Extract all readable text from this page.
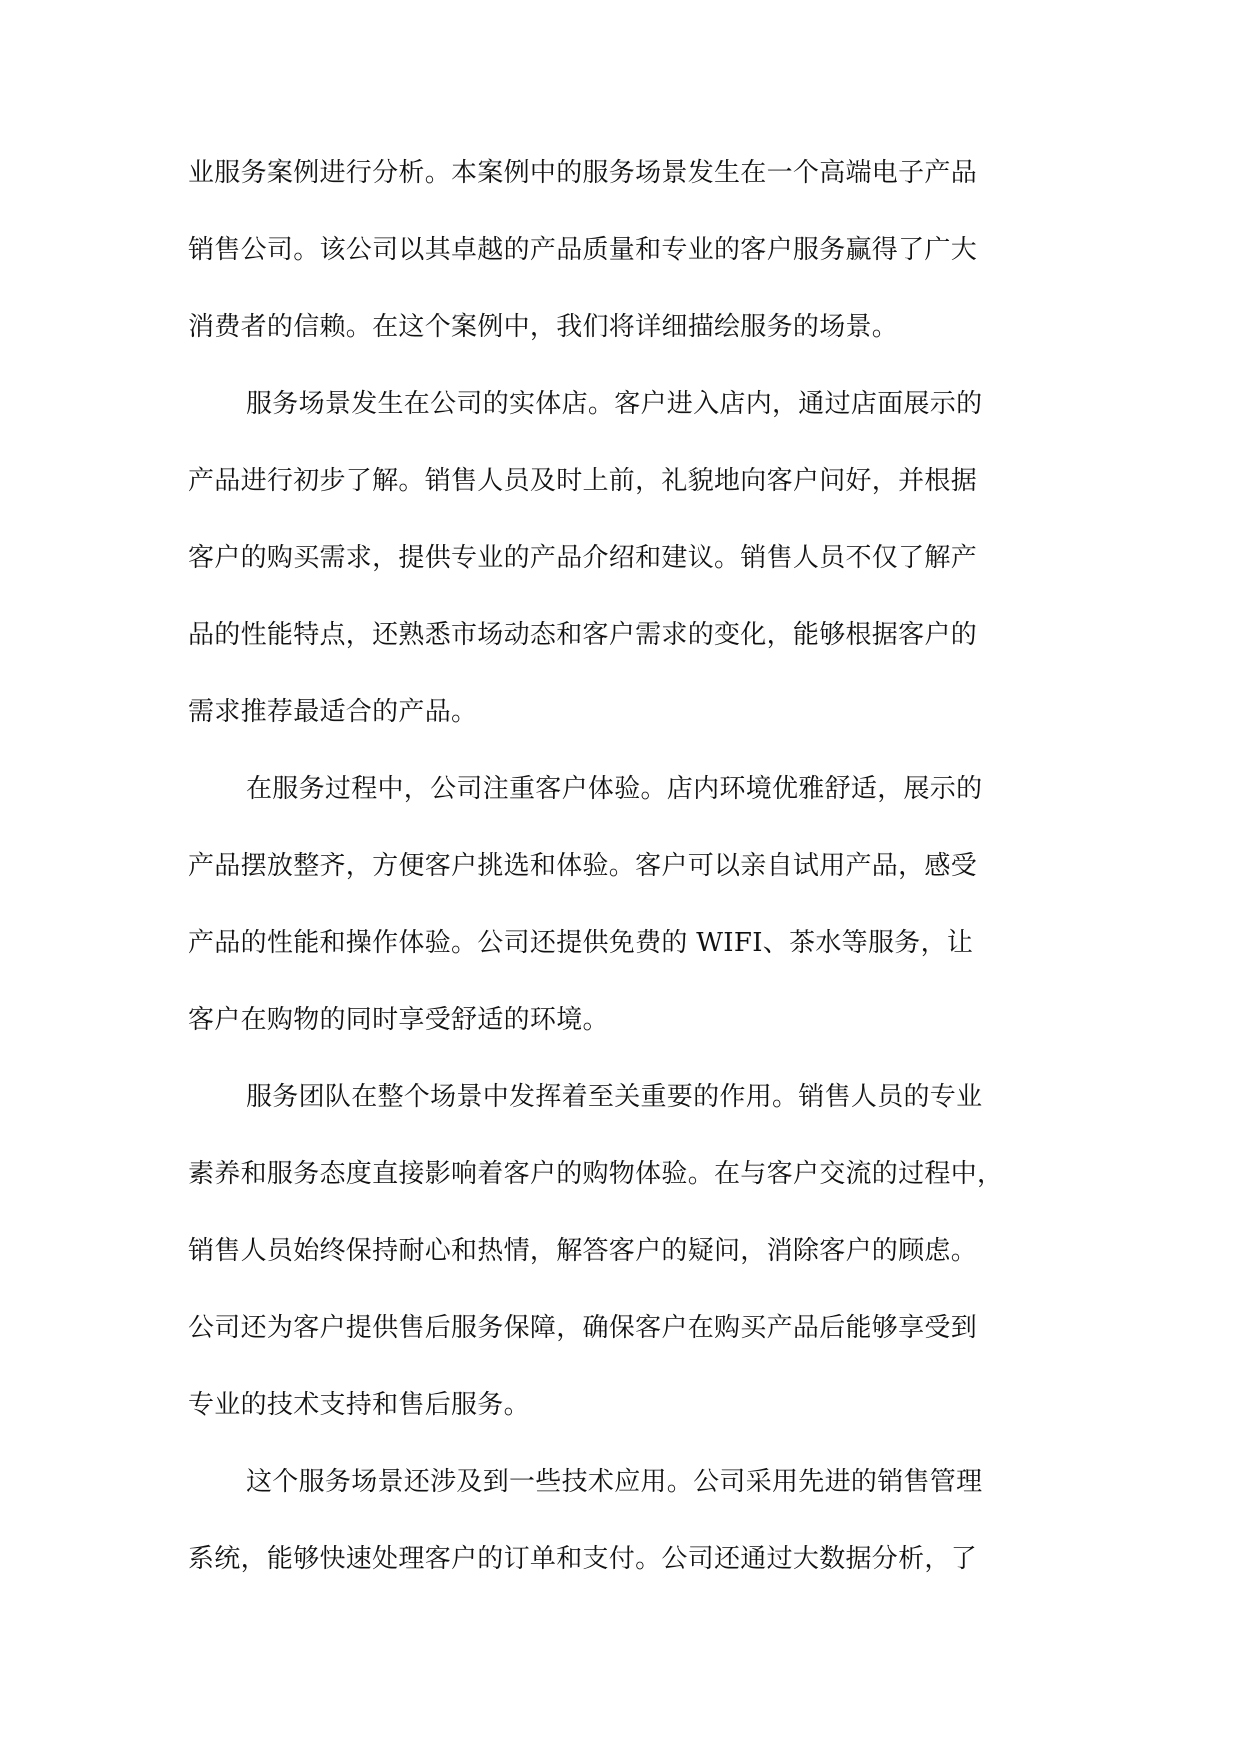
业服务案例进行分析。本案例中的服务场景发生在一个高端电子产品
销售公司。该公司以其卓越的产品质量和专业的客户服务赢得了广大
消费者的信赖。在这个案例中，我们将详细描绘服务的场景。
服务场景发生在公司的实体店。客户进入店内，通过店面展示的
产品进行初步了解。销售人员及时上前，礼貌地向客户问好，并根据
客户的购买需求，提供专业的产品介绍和建议。销售人员不仅了解产
品的性能特点，还熟悉市场动态和客户需求的变化，能够根据客户的
需求推荐最适合的产品。
在服务过程中，公司注重客户体验。店内环境优雅舒适，展示的
产品摆放整齐，方便客户挑选和体验。客户可以亲自试用产品，感受
产品的性能和操作体验。公司还提供免费的 WIFI、茶水等服务，让
客户在购物的同时享受舒适的环境。
服务团队在整个场景中发挥着至关重要的作用。销售人员的专业
素养和服务态度直接影响着客户的购物体验。在与客户交流的过程中，
销售人员始终保持耐心和热情，解答客户的疑问，消除客户的顾虑。
公司还为客户提供售后服务保障，确保客户在购买产品后能够享受到
专业的技术支持和售后服务。
这个服务场景还涉及到一些技术应用。公司采用先进的销售管理
系统，能够快速处理客户的订单和支付。公司还通过大数据分析，了
